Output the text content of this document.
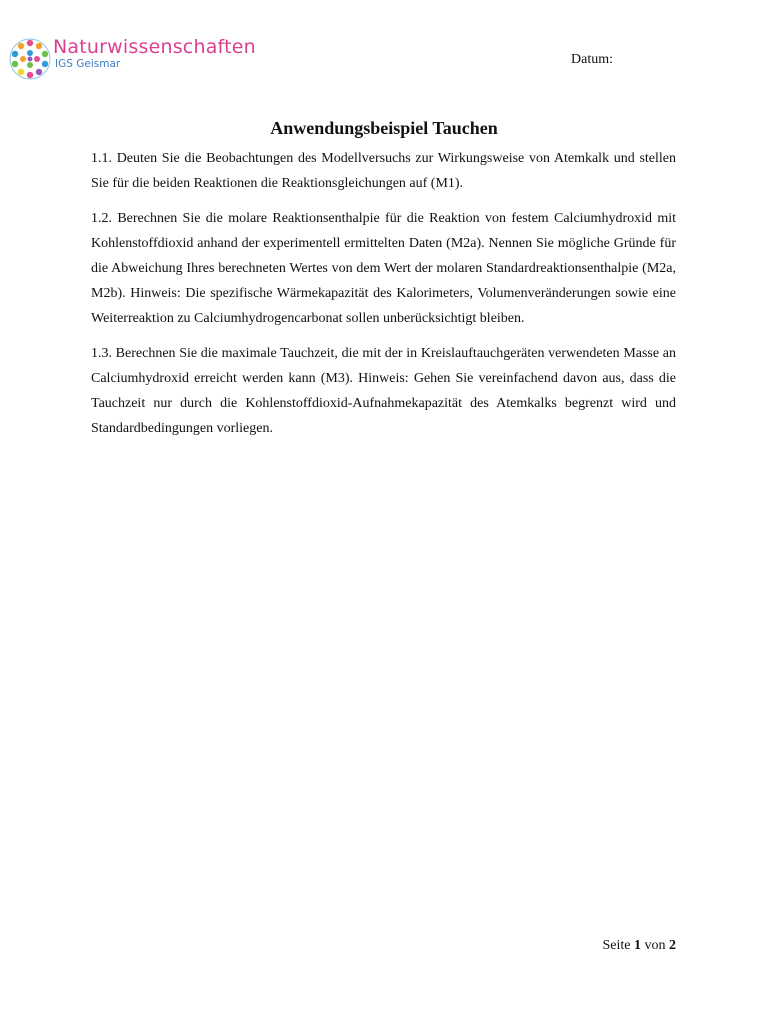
Naturwissenschaften
IGS Geismar	Datum:
Anwendungsbeispiel Tauchen

1.1. Deuten Sie die Beobachtungen des Modellversuchs zur Wirkungsweise von Atemkalk und stellen Sie für die beiden Reaktionen die Reaktionsgleichungen auf (M1).

1.2. Berechnen Sie die molare Reaktionsenthalpie für die Reaktion von festem Calciumhydroxid mit Kohlenstoffdioxid anhand der experimentell ermittelten Daten (M2a). Nennen Sie mögliche Gründe für die Abweichung Ihres berechneten Wertes von dem Wert der molaren Standardreaktionsenthalpie (M2a, M2b). Hinweis: Die spezifische Wärmekapazität des Kalorimeters, Volumenveränderungen sowie eine Weiterreaktion zu Calciumhydrogencarbonat sollen unberücksichtigt bleiben.

1.3. Berechnen Sie die maximale Tauchzeit, die mit der in Kreislauftauchgeräten verwendeten Masse an Calciumhydroxid erreicht werden kann (M3). Hinweis: Gehen Sie vereinfachend davon aus, dass die Tauchzeit nur durch die Kohlenstoffdioxid-Aufnahmekapazität des Atemkalks begrenzt wird und Standardbedingungen vorliegen.

Seite 1 von 2
